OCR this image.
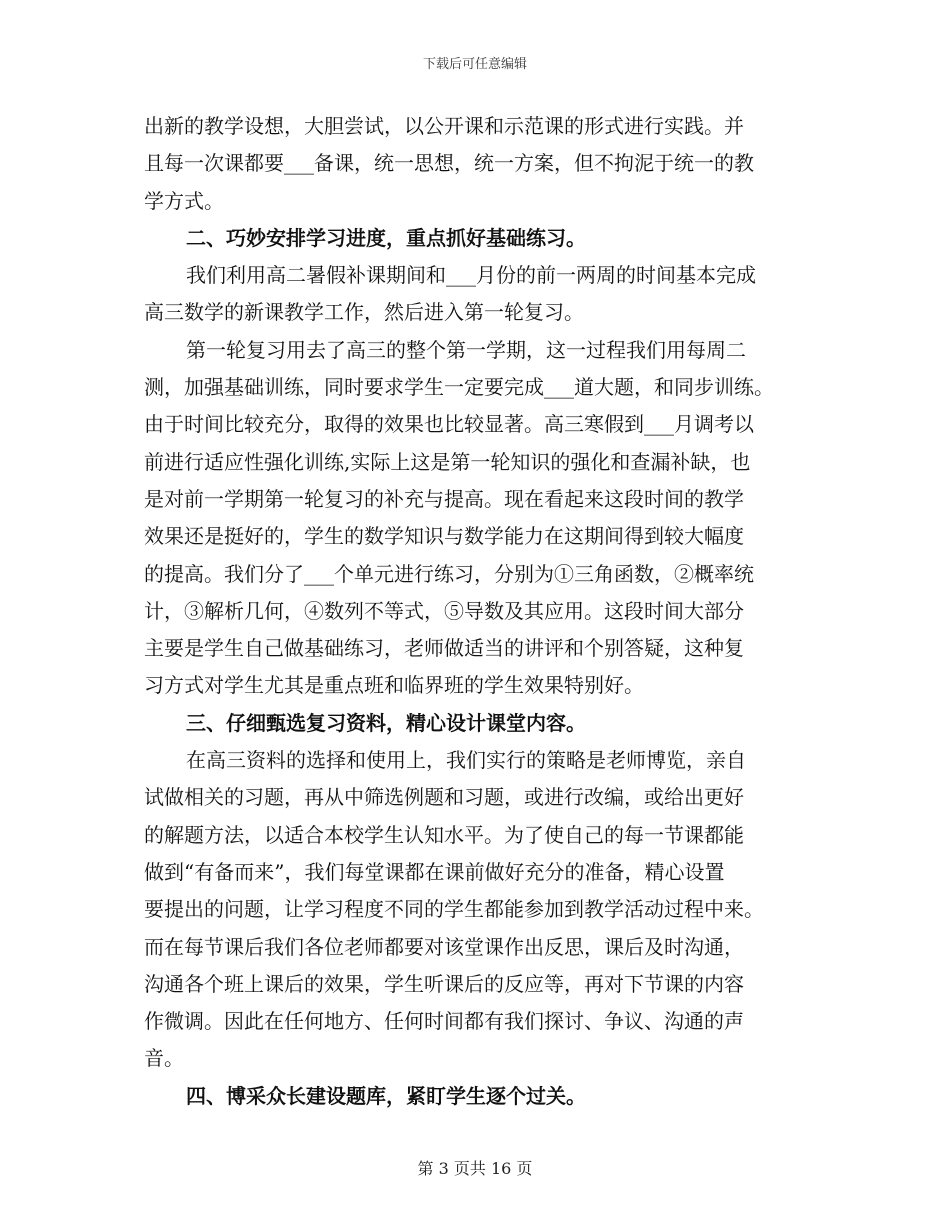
下载后可任意编辑
出新的教学设想，大胆尝试，以公开课和示范课的形式进行实践。并
且每一次课都要___备课，统一思想，统一方案，但不拘泥于统一的教
学方式。
二、巧妙安排学习进度，重点抓好基础练习。
我们利用高二暑假补课期间和___月份的前一两周的时间基本完成
高三数学的新课教学工作，然后进入第一轮复习。
第一轮复习用去了高三的整个第一学期，这一过程我们用每周二
测，加强基础训练，同时要求学生一定要完成___道大题，和同步训练。
由于时间比较充分，取得的效果也比较显著。高三寒假到___月调考以
前进行适应性强化训练,实际上这是第一轮知识的强化和查漏补缺，也
是对前一学期第一轮复习的补充与提高。现在看起来这段时间的教学
效果还是挺好的，学生的数学知识与数学能力在这期间得到较大幅度
的提高。我们分了___个单元进行练习，分别为①三角函数，②概率统
计，③解析几何，④数列不等式，⑤导数及其应用。这段时间大部分
主要是学生自己做基础练习，老师做适当的讲评和个别答疑，这种复
习方式对学生尤其是重点班和临界班的学生效果特别好。
三、仔细甄选复习资料，精心设计课堂内容。
在高三资料的选择和使用上，我们实行的策略是老师博览，亲自
试做相关的习题，再从中筛选例题和习题，或进行改编，或给出更好
的解题方法，以适合本校学生认知水平。为了使自己的每一节课都能
做到“有备而来”，我们每堂课都在课前做好充分的准备，精心设置
要提出的问题，让学习程度不同的学生都能参加到教学活动过程中来。
而在每节课后我们各位老师都要对该堂课作出反思，课后及时沟通，
沟通各个班上课后的效果，学生听课后的反应等，再对下节课的内容
作微调。因此在任何地方、任何时间都有我们探讨、争议、沟通的声
音。
四、博采众长建设题库，紧盯学生逐个过关。
第 3 页共 16 页
